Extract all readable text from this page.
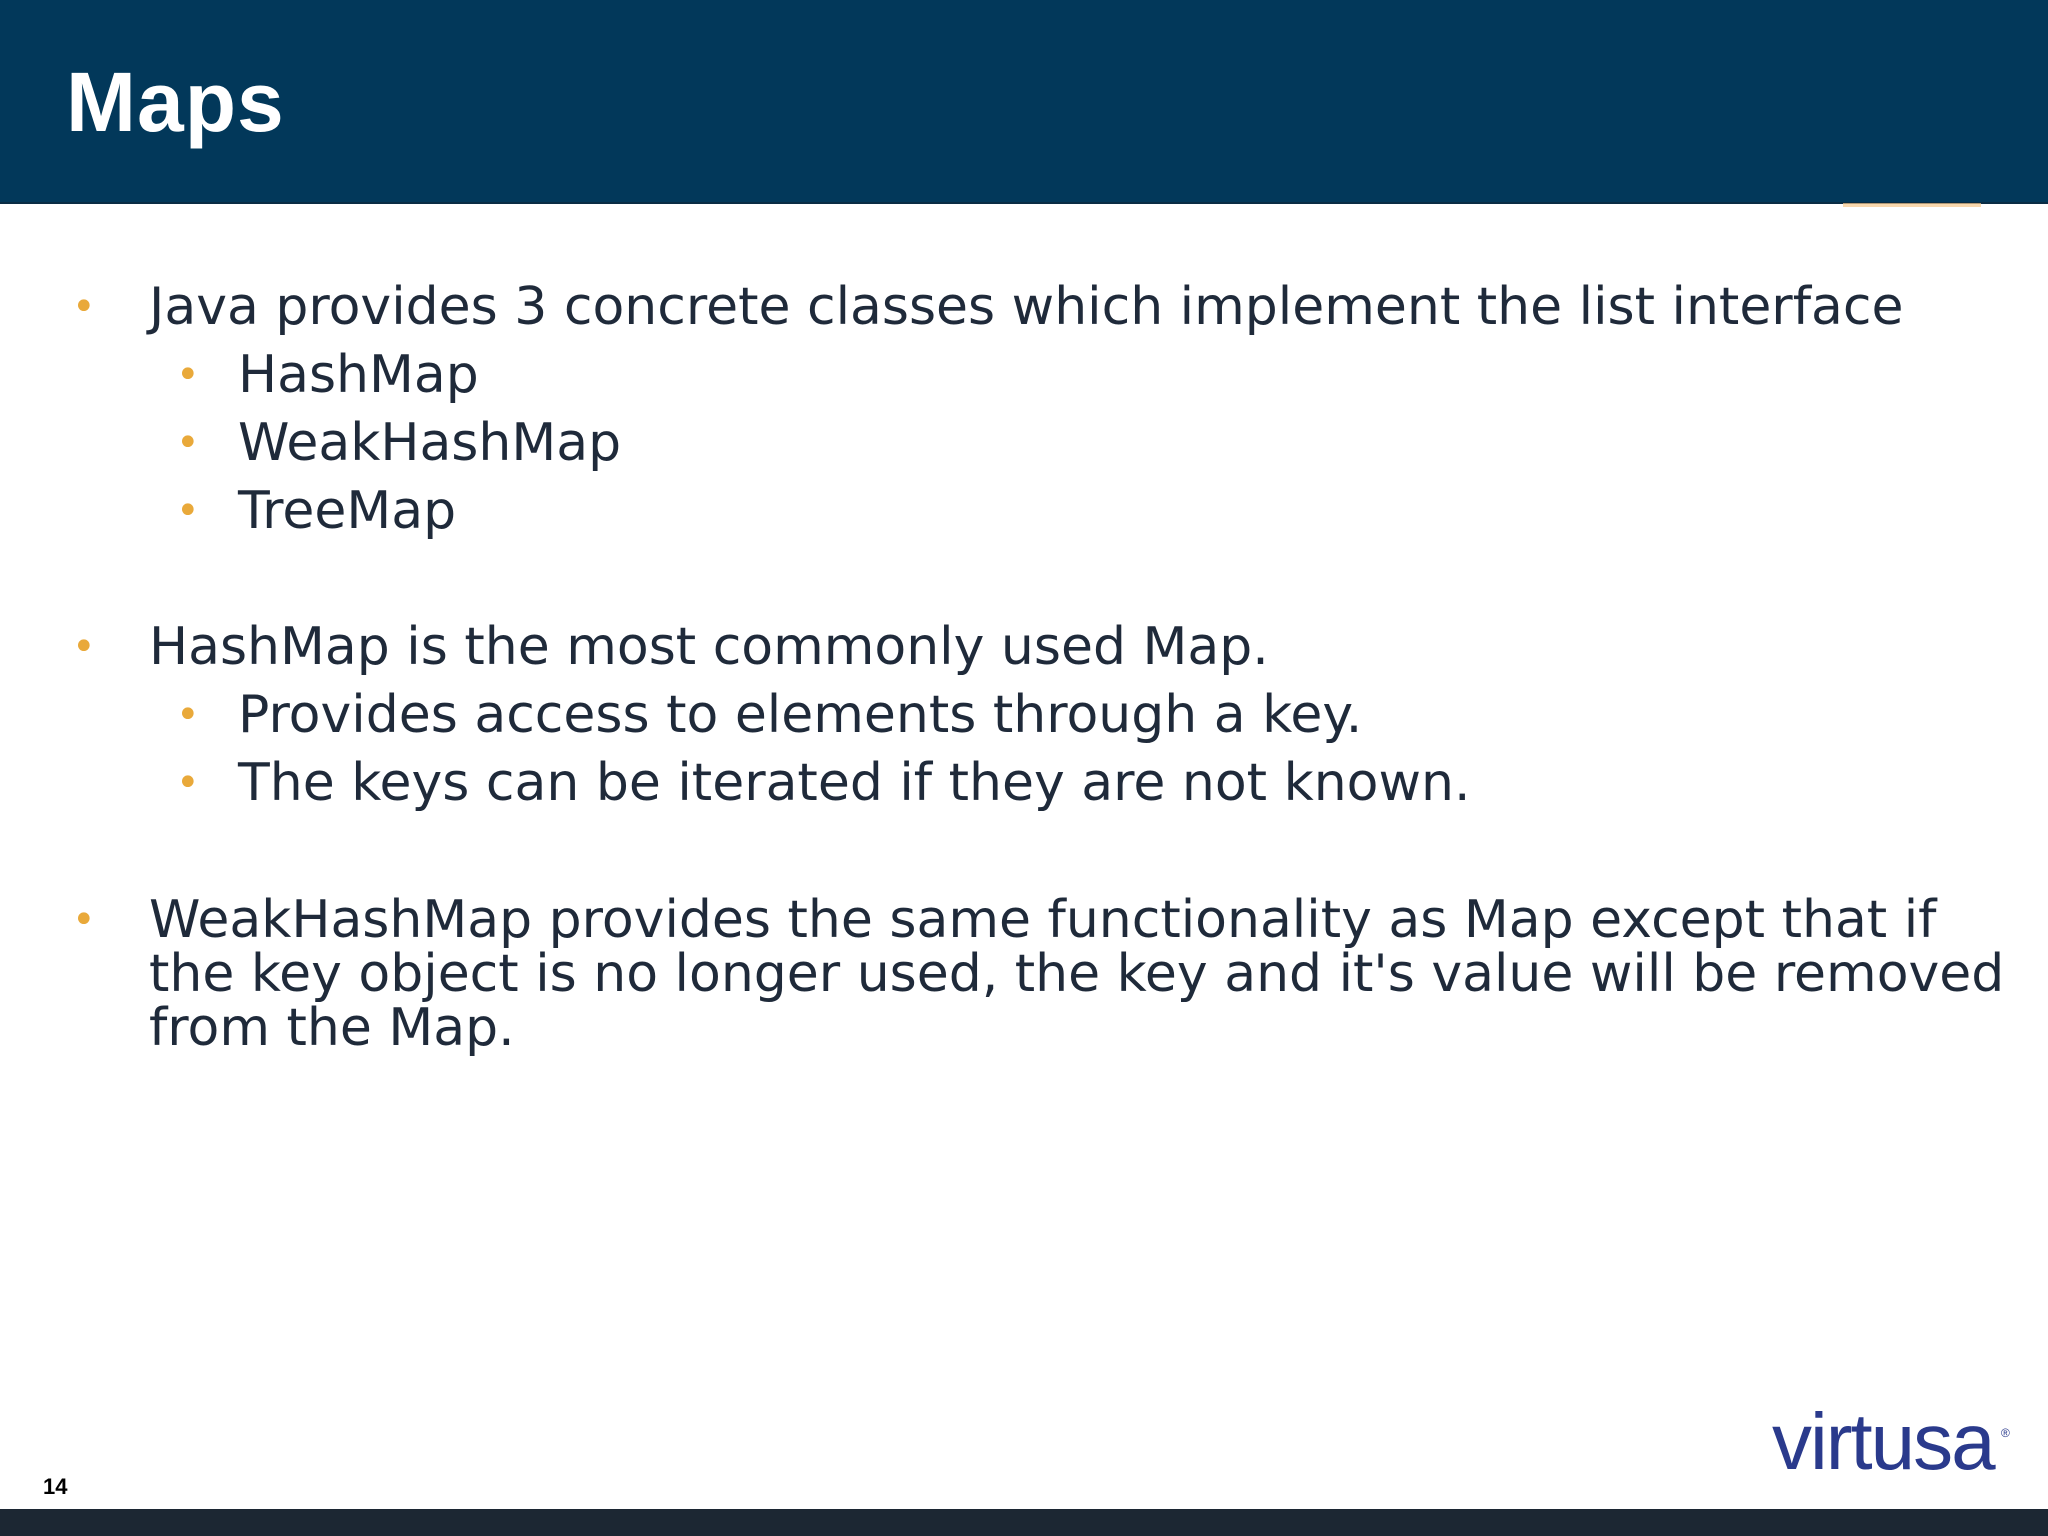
Maps
• Java provides 3 concrete classes which implement the list interface
• HashMap
• WeakHashMap
• TreeMap
• HashMap is the most commonly used Map.
• Provides access to elements through a key.
• The keys can be iterated if they are not known.
• WeakHashMap provides the same functionality as Map except that if
the key object is no longer used, the key and it's value will be removed
from the Map.
virtusa ®
14
